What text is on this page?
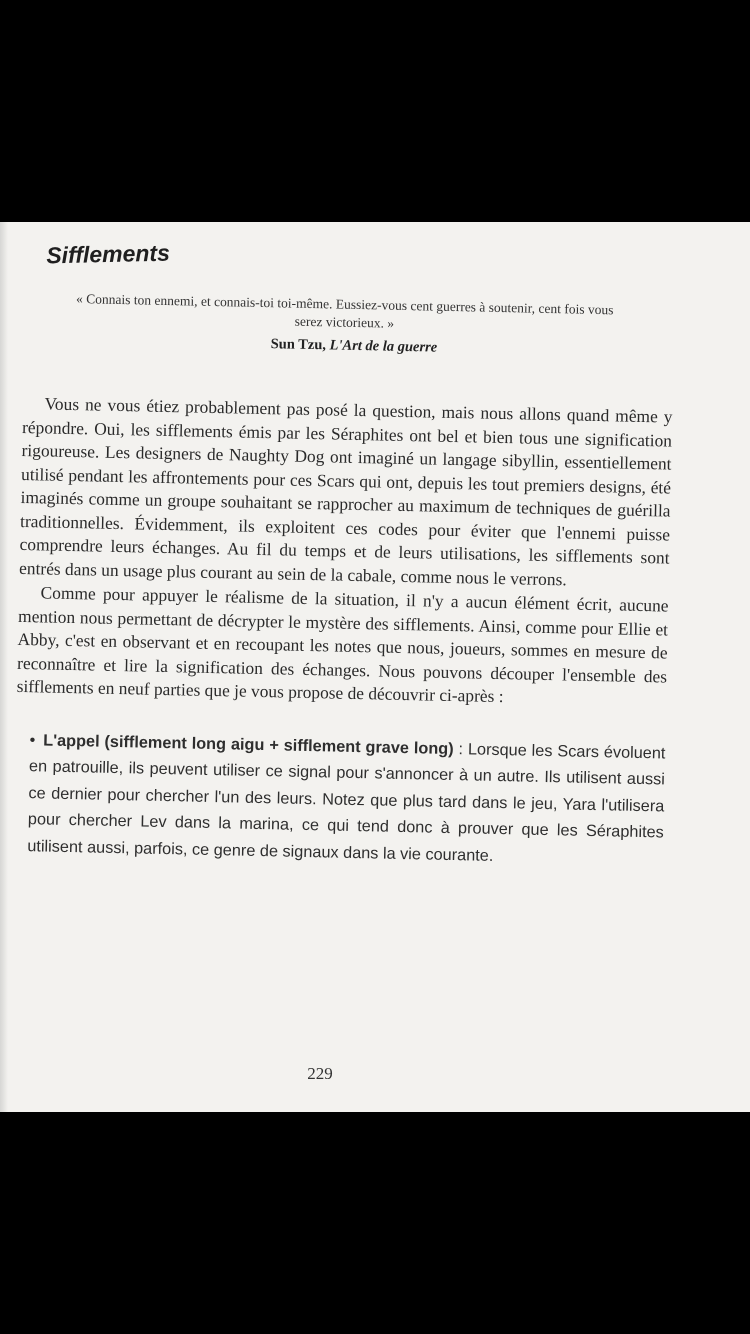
Sifflements
« Connais ton ennemi, et connais-toi toi-même. Eussiez-vous cent guerres à soutenir, cent fois vous serez victorieux. »
Sun Tzu, L'Art de la guerre

Vous ne vous étiez probablement pas posé la question, mais nous allons quand même y répondre. Oui, les sifflements émis par les Séraphites ont bel et bien tous une signification rigoureuse. Les designers de Naughty Dog ont imaginé un langage sibyllin, essentiellement utilisé pendant les affrontements pour ces Scars qui ont, depuis les tout premiers designs, été imaginés comme un groupe souhaitant se rapprocher au maximum de techniques de guérilla traditionnelles. Évidemment, ils exploitent ces codes pour éviter que l'ennemi puisse comprendre leurs échanges. Au fil du temps et de leurs utilisations, les sifflements sont entrés dans un usage plus courant au sein de la cabale, comme nous le verrons.

Comme pour appuyer le réalisme de la situation, il n'y a aucun élément écrit, aucune mention nous permettant de décrypter le mystère des sifflements. Ainsi, comme pour Ellie et Abby, c'est en observant et en recoupant les notes que nous, joueurs, sommes en mesure de reconnaître et lire la signification des échanges. Nous pouvons découper l'ensemble des sifflements en neuf parties que je vous propose de découvrir ci-après :

• L'appel (sifflement long aigu + sifflement grave long) : Lorsque les Scars évoluent en patrouille, ils peuvent utiliser ce signal pour s'annoncer à un autre. Ils utilisent aussi ce dernier pour chercher l'un des leurs. Notez que plus tard dans le jeu, Yara l'utilisera pour chercher Lev dans la marina, ce qui tend donc à prouver que les Séraphites utilisent aussi, parfois, ce genre de signaux dans la vie courante.
229
